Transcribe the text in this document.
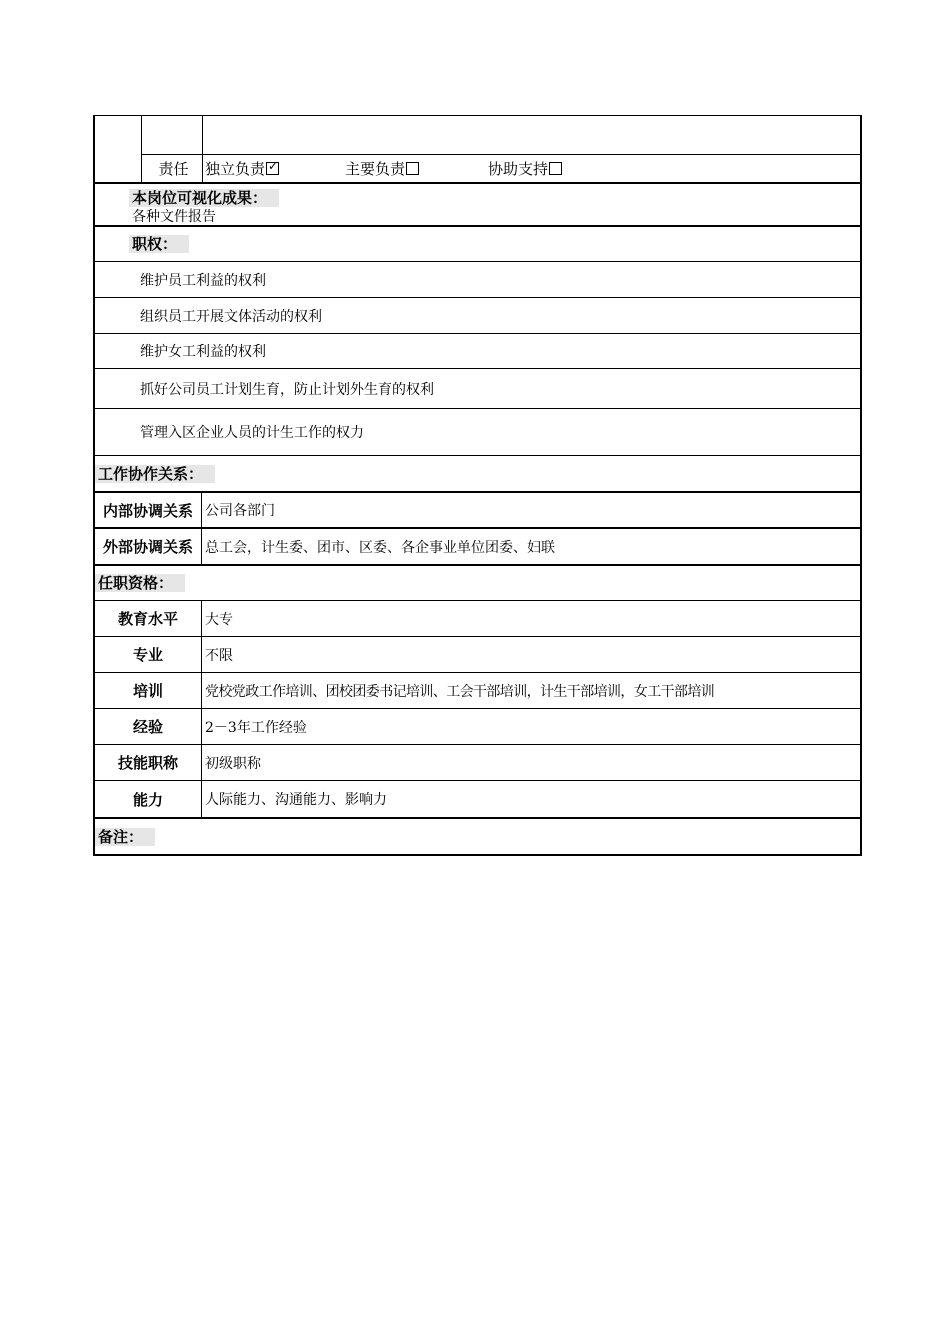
责任	独立负责
✓	主要负责	协助支持
本岗位可视化成果：
各种文件报告
职权：
维护员工利益的权利
组织员工开展文体活动的权利
维护女工利益的权利
抓好公司员工计划生育，防止计划外生育的权利
管理入区企业人员的计生工作的权力
工作协作关系：
内部协调关系 公司各部门
外部协调关系 总工会，计生委、团市、区委、各企事业单位团委、妇联
任职资格：
教育水平	大专
专业	不限
培训	党校党政工作培训、团校团委书记培训、工会干部培训，计生干部培训，女工干部培训
经验	2－3年工作经验
技能职称	初级职称
能力	人际能力、沟通能力、影响力
备注：
